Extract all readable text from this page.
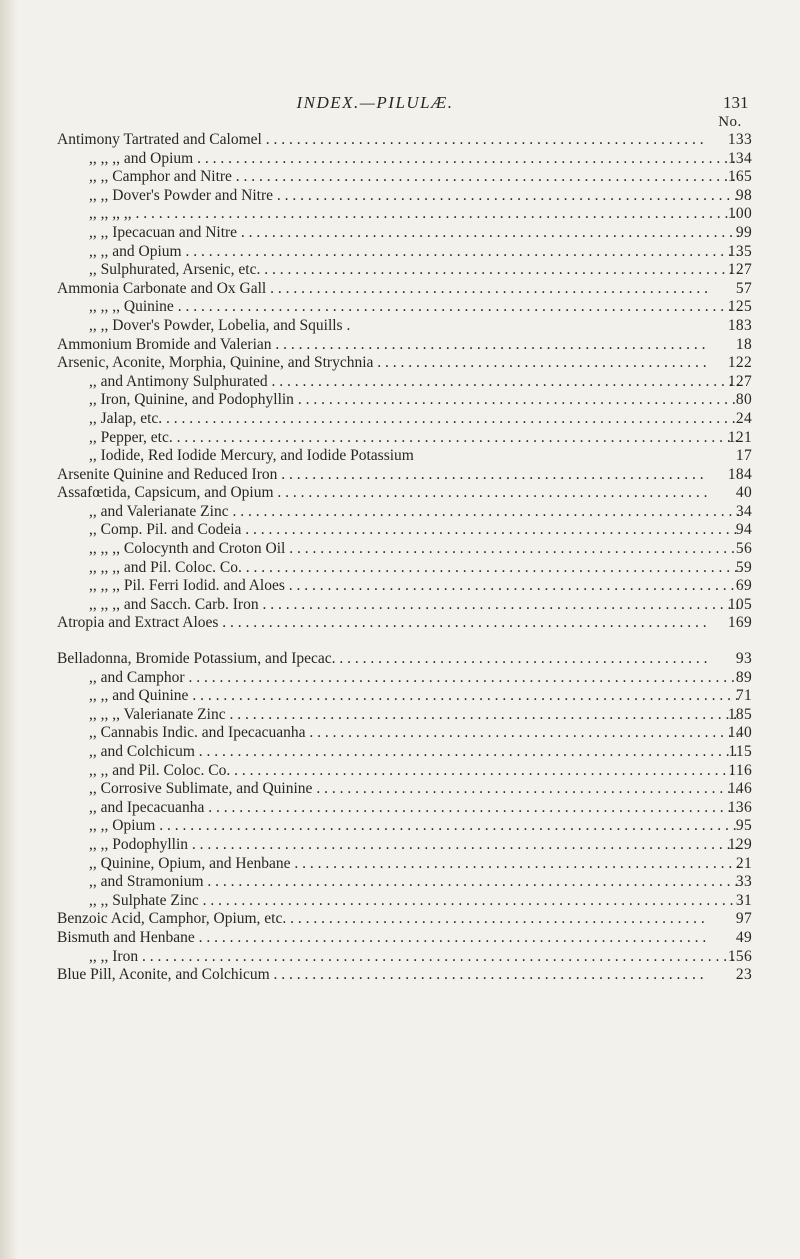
INDEX.—PILULÆ.	131
No.
Antimony Tartrated and Calomel . . .	133
,, ,, ,, and Opium . . .	134
,, ,, Camphor and Nitre . . .	165
,, ,, Dover's Powder and Nitre . . .	98
,, ,, ,, ,, . . .	100
,, ,, Ipecacuan and Nitre . . .	99
,, ,, and Opium . . .	135
,, Sulphurated, Arsenic, etc. . . .	127
Ammonia Carbonate and Ox Gall . . .	57
,, ,, ,, Quinine . . .	125
,, ,, Dover's Powder, Lobelia, and Squills .	183
Ammonium Bromide and Valerian . . .	18
Arsenic, Aconite, Morphia, Quinine, and Strychnia . . .	122
,, and Antimony Sulphurated . . .	127
,, Iron, Quinine, and Podophyllin . . .	80
,, Jalap, etc. . . .	24
,, Pepper, etc. . . .	121
,, Iodide, Red Iodide Mercury, and Iodide Potassium	17
Arsenite Quinine and Reduced Iron . . .	184
Assafœtida, Capsicum, and Opium . . .	40
,, and Valerianate Zinc . . .	34
,, Comp. Pil. and Codeia . . .	94
,, ,, ,, Colocynth and Croton Oil . . .	56
,, ,, ,, and Pil. Coloc. Co. . . .	59
,, ,, ,, Pil. Ferri Iodid. and Aloes . . .	69
,, ,, ,, and Sacch. Carb. Iron . . .	105
Atropia and Extract Aloes . . .	169
Belladonna, Bromide Potassium, and Ipecac. . . .	93
,, and Camphor . . .	89
,, ,, and Quinine . . .	71
,, ,, ,, Valerianate Zinc . . .	185
,, Cannabis Indic. and Ipecacuanha . . .	140
,, and Colchicum . . .	115
,, ,, and Pil. Coloc. Co. . . .	116
,, Corrosive Sublimate, and Quinine . . .	146
,, and Ipecacuanha . . .	136
,, ,, Opium . . .	95
,, ,, Podophyllin . . .	129
,, Quinine, Opium, and Henbane . . .	21
,, and Stramonium . . .	33
,, ,, Sulphate Zinc . . .	31
Benzoic Acid, Camphor, Opium, etc. . . .	97
Bismuth and Henbane . . .	49
,, ,, Iron . . .	156
Blue Pill, Aconite, and Colchicum . . .	23
